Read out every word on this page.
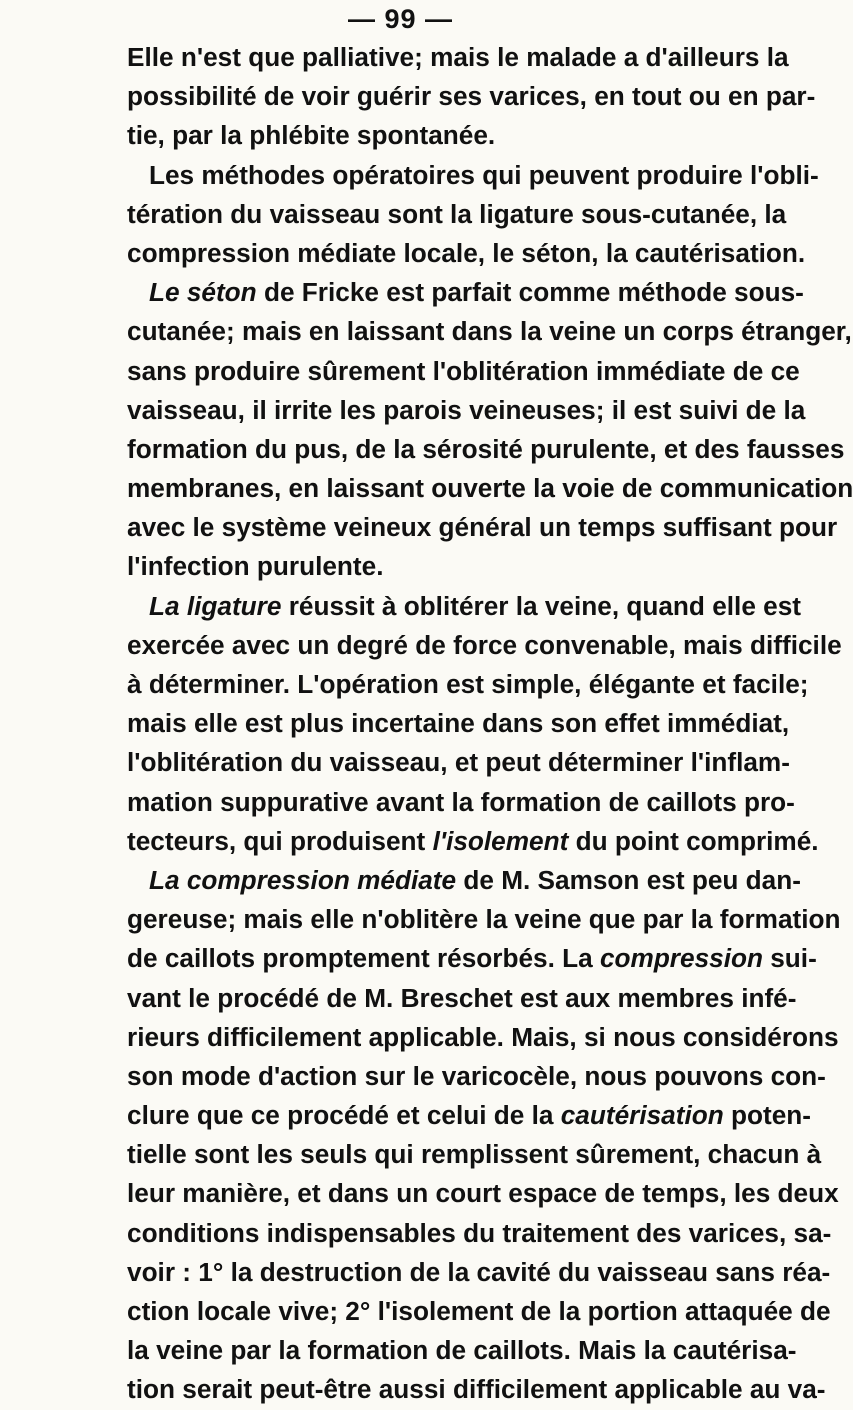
— 99 —
Elle n'est que palliative; mais le malade a d'ailleurs la
possibilité de voir guérir ses varices, en tout ou en par-
tie, par la phlébite spontanée.
Les méthodes opératoires qui peuvent produire l'obli-
tération du vaisseau sont la ligature sous-cutanée, la
compression médiate locale, le séton, la cautérisation.
Le séton de Fricke est parfait comme méthode sous-
cutanée; mais en laissant dans la veine un corps étranger,
sans produire sûrement l'oblitération immédiate de ce
vaisseau, il irrite les parois veineuses; il est suivi de la
formation du pus, de la sérosité purulente, et des fausses
membranes, en laissant ouverte la voie de communication
avec le système veineux général un temps suffisant pour
l'infection purulente.
La ligature réussit à oblitérer la veine, quand elle est
exercée avec un degré de force convenable, mais difficile
à déterminer. L'opération est simple, élégante et facile;
mais elle est plus incertaine dans son effet immédiat,
l'oblitération du vaisseau, et peut déterminer l'inflam-
mation suppurative avant la formation de caillots pro-
tecteurs, qui produisent l'isolement du point comprimé.
La compression médiate de M. Samson est peu dan-
gereuse; mais elle n'oblitère la veine que par la formation
de caillots promptement résorbés. La compression sui-
vant le procédé de M. Breschet est aux membres infé-
rieurs difficilement applicable. Mais, si nous considérons
son mode d'action sur le varicocèle, nous pouvons con-
clure que ce procédé et celui de la cautérisation poten-
tielle sont les seuls qui remplissent sûrement, chacun à
leur manière, et dans un court espace de temps, les deux
conditions indispensables du traitement des varices, sa-
voir : 1° la destruction de la cavité du vaisseau sans réa-
ction locale vive; 2° l'isolement de la portion attaquée de
la veine par la formation de caillots. Mais la cautérisa-
tion serait peut-être aussi difficilement applicable au va-
